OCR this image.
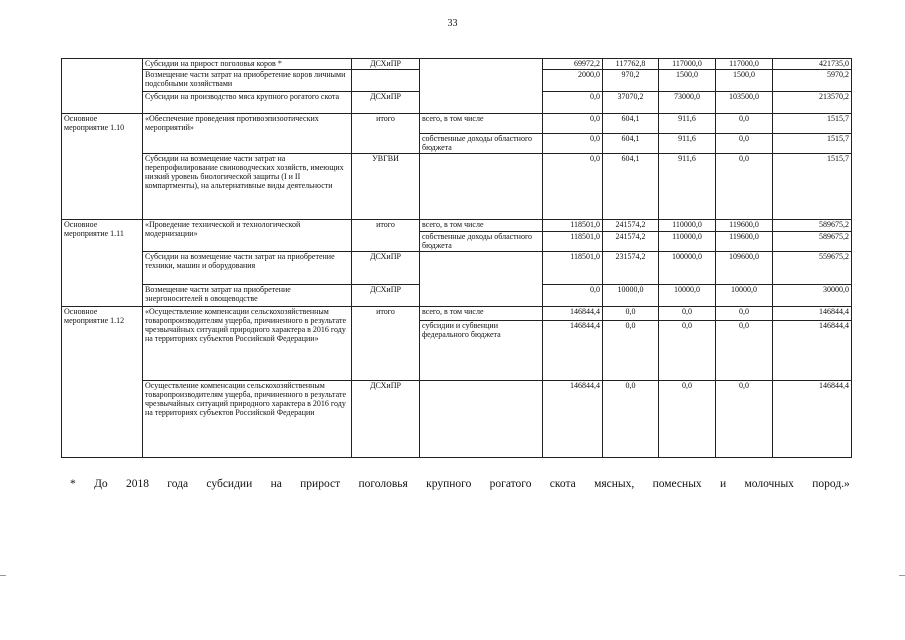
33
	Субсидии на прирост поголовья коров *	ДСХиПР		69972,2	117762,8	117000,0	117000,0	421735,0
	Возмещение части затрат на приобретение коров личными подсобными хозяйствами			2000,0	970,2	1500,0	1500,0	5970,2
	Субсидии на производство мяса крупного рогатого скота	ДСХиПР		0,0	37070,2	73000,0	103500,0	213570,2
Основное мероприятие 1.10	«Обеспечение проведения противоэпизоотических мероприятий»	итого	всего, в том числе	0,0	604,1	911,6	0,0	1515,7
			собственные доходы областного бюджета	0,0	604,1	911,6	0,0	1515,7
	Субсидии на возмещение части затрат на перепрофилирование свиноводческих хозяйств, имеющих низкий уровень биологической защиты (I и II компартменты), на альтернативные виды деятельности	УВГВИ		0,0	604,1	911,6	0,0	1515,7
Основное мероприятие 1.11	«Проведение технической и технологической модернизации»	итого	всего, в том числе	118501,0	241574,2	110000,0	119600,0	589675,2
			собственные доходы областного бюджета	118501,0	241574,2	110000,0	119600,0	589675,2
	Субсидии на возмещение части затрат на приобретение техники, машин и оборудования	ДСХиПР		118501,0	231574,2	100000,0	109600,0	559675,2
	Возмещение части затрат на приобретение энергоносителей в овощеводстве	ДСХиПР		0,0	10000,0	10000,0	10000,0	30000,0
Основное мероприятие 1.12	«Осуществление компенсации сельскохозяйственным товаропроизводителям ущерба, причиненного в результате чрезвычайных ситуаций природного характера в 2016 году на территориях субъектов Российской Федерации»	итого	всего, в том числе	146844,4	0,0	0,0	0,0	146844,4
			субсидии и субвенции федерального бюджета	146844,4	0,0	0,0	0,0	146844,4
	Осуществление компенсации сельскохозяйственным товаропроизводителям ущерба, причиненного в результате чрезвычайных ситуаций природного характера в 2016 году на территориях субъектов Российской Федерации	ДСХиПР		146844,4	0,0	0,0	0,0	146844,4
* До 2018 года субсидии на прирост поголовья крупного рогатого скота мясных, помесных и молочных пород.»
